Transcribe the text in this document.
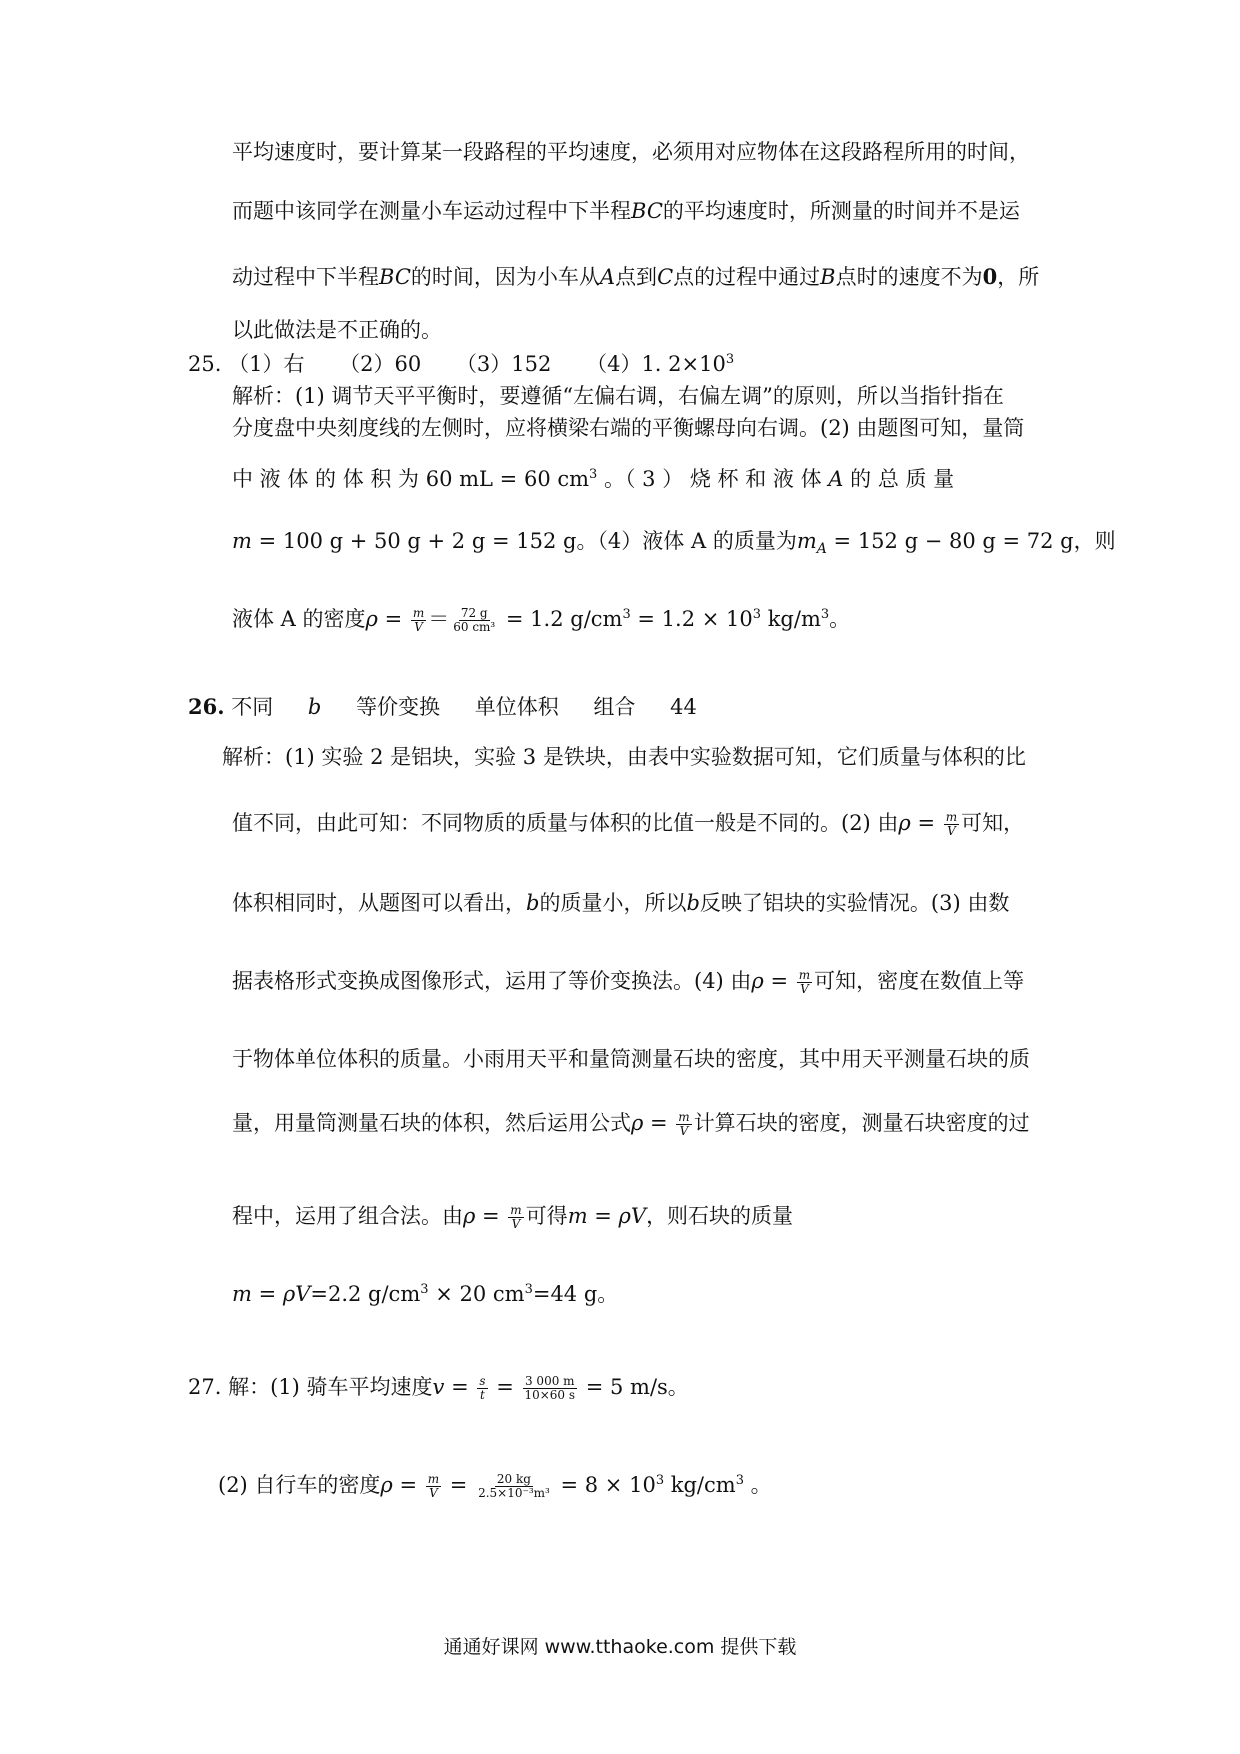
平均速度时，要计算某一段路程的平均速度，必须用对应物体在这段路程所用的时间，
而题中该同学在测量小车运动过程中下半程BC的平均速度时，所测量的时间并不是运
动过程中下半程BC的时间，因为小车从A点到C点的过程中通过B点时的速度不为0，所
以此做法是不正确的。
25. （1）右 （2）60 （3）152 （4）1. $2\times 10^3$
解析：(1) 调节天平平衡时，要遵循“左偏右调，右偏左调”的原则，所以当指针指在
分度盘中央刻度线的左侧时，应将横梁右端的平衡螺母向右调。(2) 由题图可知，量筒
中 液 体 的 体 积 为 60 mL = 60 $cm^3$ 。（ 3 ） 烧 杯 和 液 体 A 的 总 质 量
m = 100 g + 50 g + 2 g = 152 g。（4）液体 A 的质量为$m_A = 152$ g − 80 g = 72 g，则
液体 A 的密度$\rho = \frac{m}{V} = \frac{72 g}{\text{60 cm³}} = 1.2$ $g/cm^3 = 1.2 \times 10^3$ $kg/m^3$。
26. 不同 b 等价变换 单位体积 组合 44
解析：(1) 实验 2 是铝块，实验 3 是铁块，由表中实验数据可知，它们质量与体积的比
值不同，由此可知：不同物质的质量与体积的比值一般是不同的。(2) 由$\rho = \frac{m}{V}$ 可知，
体积相同时，从题图可以看出，b的质量小，所以b反映了铝块的实验情况。(3) 由数
据表格形式变换成图像形式，运用了等价变换法。(4) 由$\rho = \frac{m}{V}$ 可知，密度在数值上等
于物体单位体积的质量。小雨用天平和量筒测量石块的密度，其中用天平测量石块的质
量，用量筒测量石块的体积，然后运用公式$\rho = \frac{m}{V}$ 计算石块的密度，测量石块密度的过
程中，运用了组合法。由$\rho = \frac{m}{V}$ 可得m = ρV，则石块的质量
m = ρV=2.2 $g/cm^3 \times 20$ $cm^3=44$ g。
27. 解：(1) 骑车平均速度$v = \frac{s}{t} = \frac{3 000 m}{10\times 60 s} = 5$ m/s。
(2) 自行车的密度$\rho = \frac{m}{V} = \frac{20 kg}{\text{2.5×10⁻³m³}} = 8 \times 10^3$ $kg/cm^3$ 。
通通好课网 www.tthaoke.com 提供下载
